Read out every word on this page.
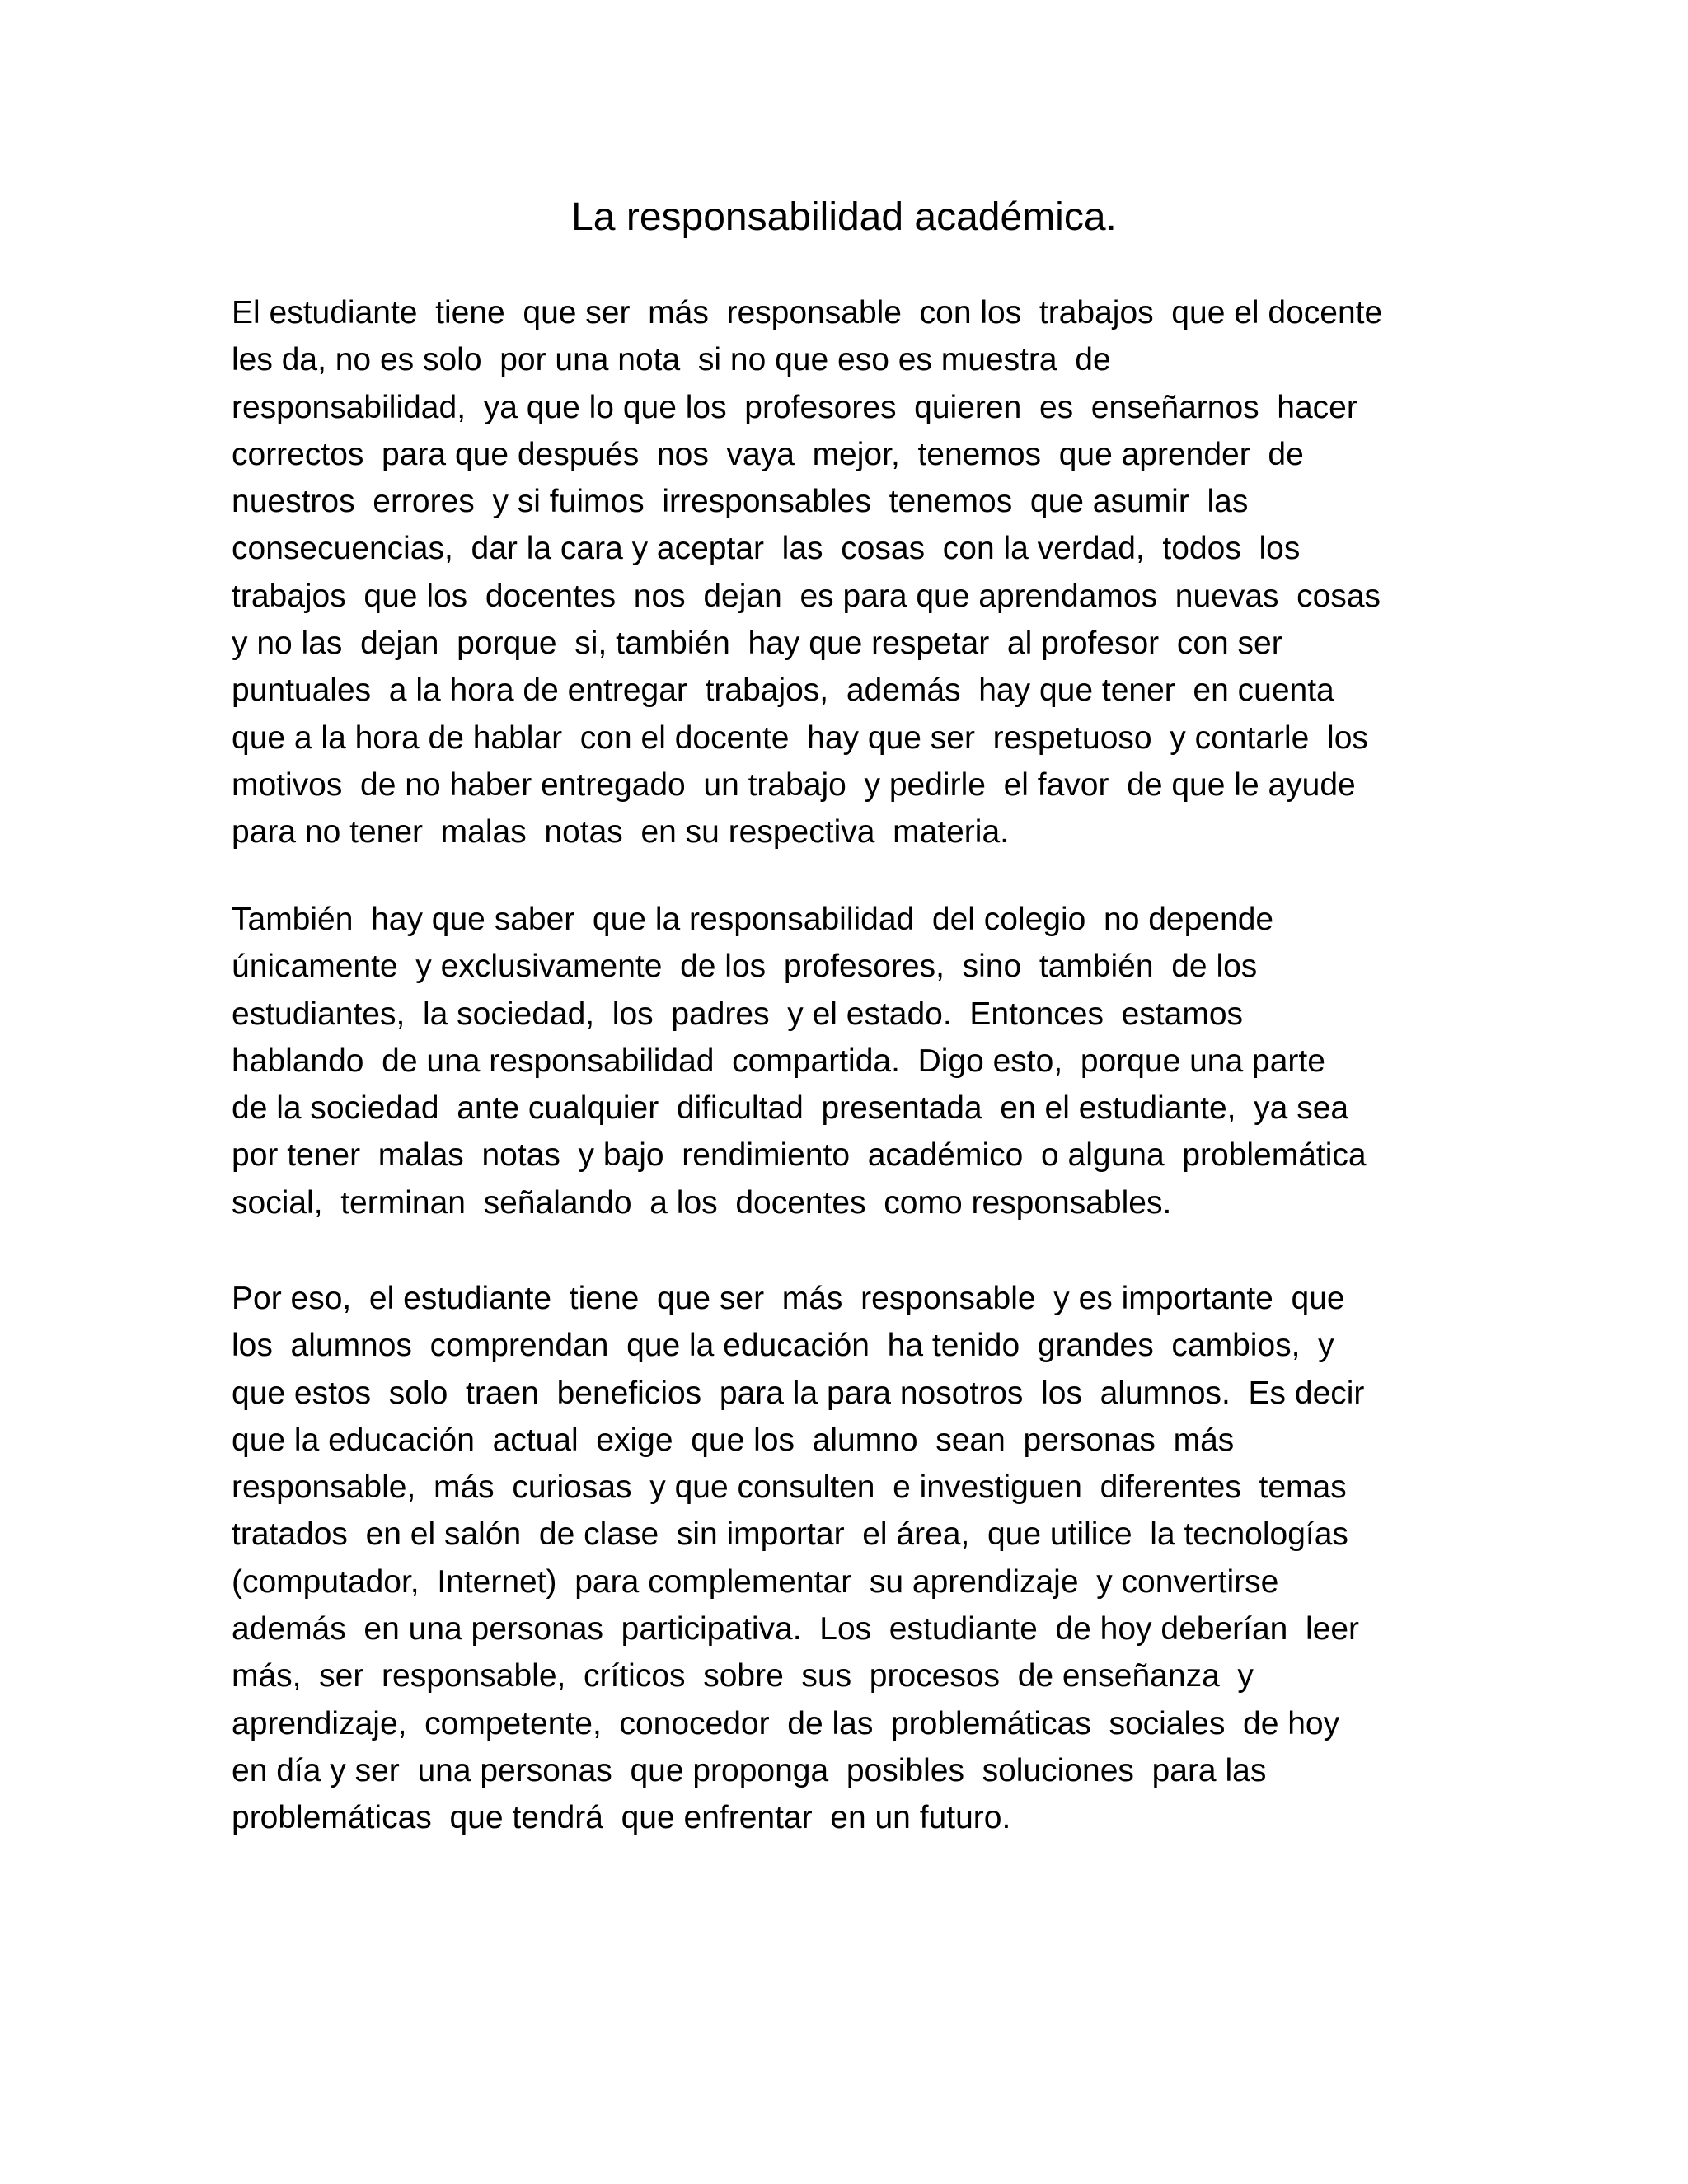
La responsabilidad académica.
El estudiante  tiene  que ser  más  responsable  con los  trabajos  que el docente
les da, no es solo  por una nota  si no que eso es muestra  de
responsabilidad,  ya que lo que los  profesores  quieren  es  enseñarnos  hacer
correctos  para que después  nos  vaya  mejor,  tenemos  que aprender  de
nuestros  errores  y si fuimos  irresponsables  tenemos  que asumir  las
consecuencias,  dar la cara y aceptar  las  cosas  con la verdad,  todos  los
trabajos  que los  docentes  nos  dejan  es para que aprendamos  nuevas  cosas
y no las  dejan  porque  si, también  hay que respetar  al profesor  con ser
puntuales  a la hora de entregar  trabajos,  además  hay que tener  en cuenta
que a la hora de hablar  con el docente  hay que ser  respetuoso  y contarle  los
motivos  de no haber entregado  un trabajo  y pedirle  el favor  de que le ayude
para no tener  malas  notas  en su respectiva  materia.
También  hay que saber  que la responsabilidad  del colegio  no depende
únicamente  y exclusivamente  de los  profesores,  sino  también  de los
estudiantes,  la sociedad,  los  padres  y el estado.  Entonces  estamos
hablando  de una responsabilidad  compartida.  Digo esto,  porque una parte
de la sociedad  ante cualquier  dificultad  presentada  en el estudiante,  ya sea
por tener  malas  notas  y bajo  rendimiento  académico  o alguna  problemática
social,  terminan  señalando  a los  docentes  como responsables.
Por eso,  el estudiante  tiene  que ser  más  responsable  y es importante  que
los  alumnos  comprendan  que la educación  ha tenido  grandes  cambios,  y
que estos  solo  traen  beneficios  para la para nosotros  los  alumnos.  Es decir
que la educación  actual  exige  que los  alumno  sean  personas  más
responsable,  más  curiosas  y que consulten  e investiguen  diferentes  temas
tratados  en el salón  de clase  sin importar  el área,  que utilice  la tecnologías
(computador,  Internet)  para complementar  su aprendizaje  y convertirse
además  en una personas  participativa.  Los  estudiante  de hoy deberían  leer
más,  ser  responsable,  críticos  sobre  sus  procesos  de enseñanza  y
aprendizaje,  competente,  conocedor  de las  problemáticas  sociales  de hoy
en día y ser  una personas  que proponga  posibles  soluciones  para las
problemáticas  que tendrá  que enfrentar  en un futuro.
